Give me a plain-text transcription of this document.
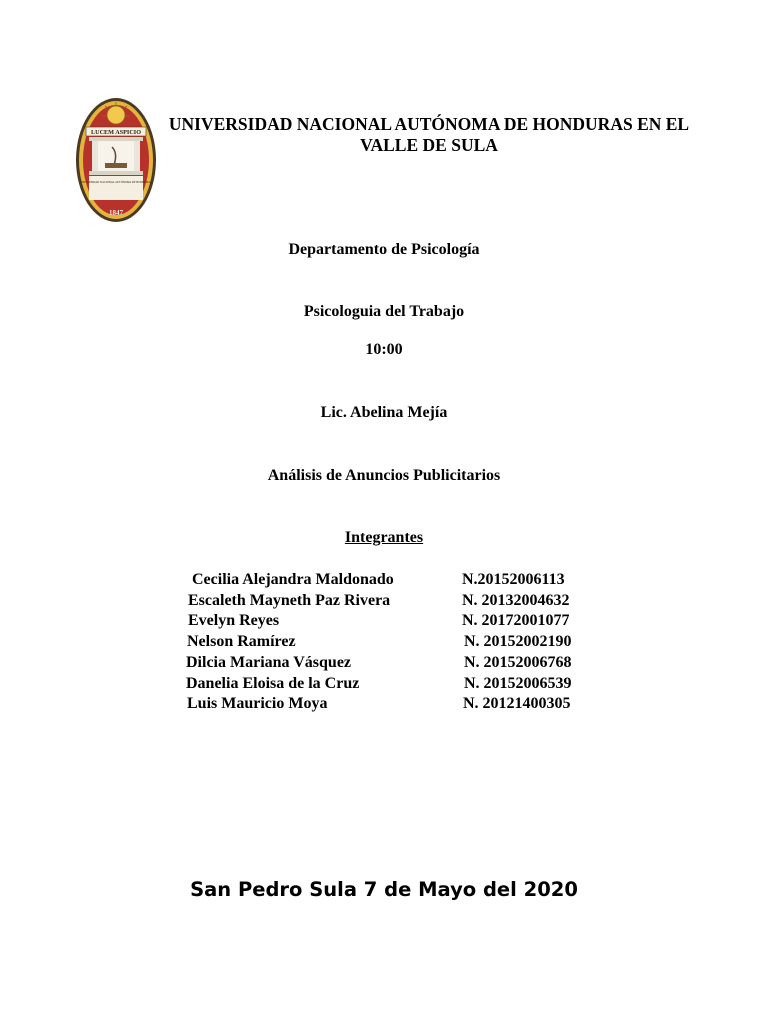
LUCEM ASPICIO
UNIVERSIDAD NACIONAL AUTÓNOMA DE HONDURAS
1847
UNIVERSIDAD NACIONAL AUTÓNOMA DE HONDURAS EN EL VALLE DE SULA
Departamento de Psicología
Psicologuia del Trabajo
10:00
Lic. Abelina Mejía
Análisis de Anuncios Publicitarios
Integrantes
Cecilia Alejandra Maldonado	N.20152006113
Escaleth Mayneth Paz Rivera	N. 20132004632
Evelyn Reyes	N. 20172001077
Nelson Ramírez	N. 20152002190
Dilcia Mariana Vásquez	N. 20152006768
Danelia Eloisa de la Cruz	N. 20152006539
Luis Mauricio Moya	N. 20121400305
San Pedro Sula 7 de Mayo del 2020
